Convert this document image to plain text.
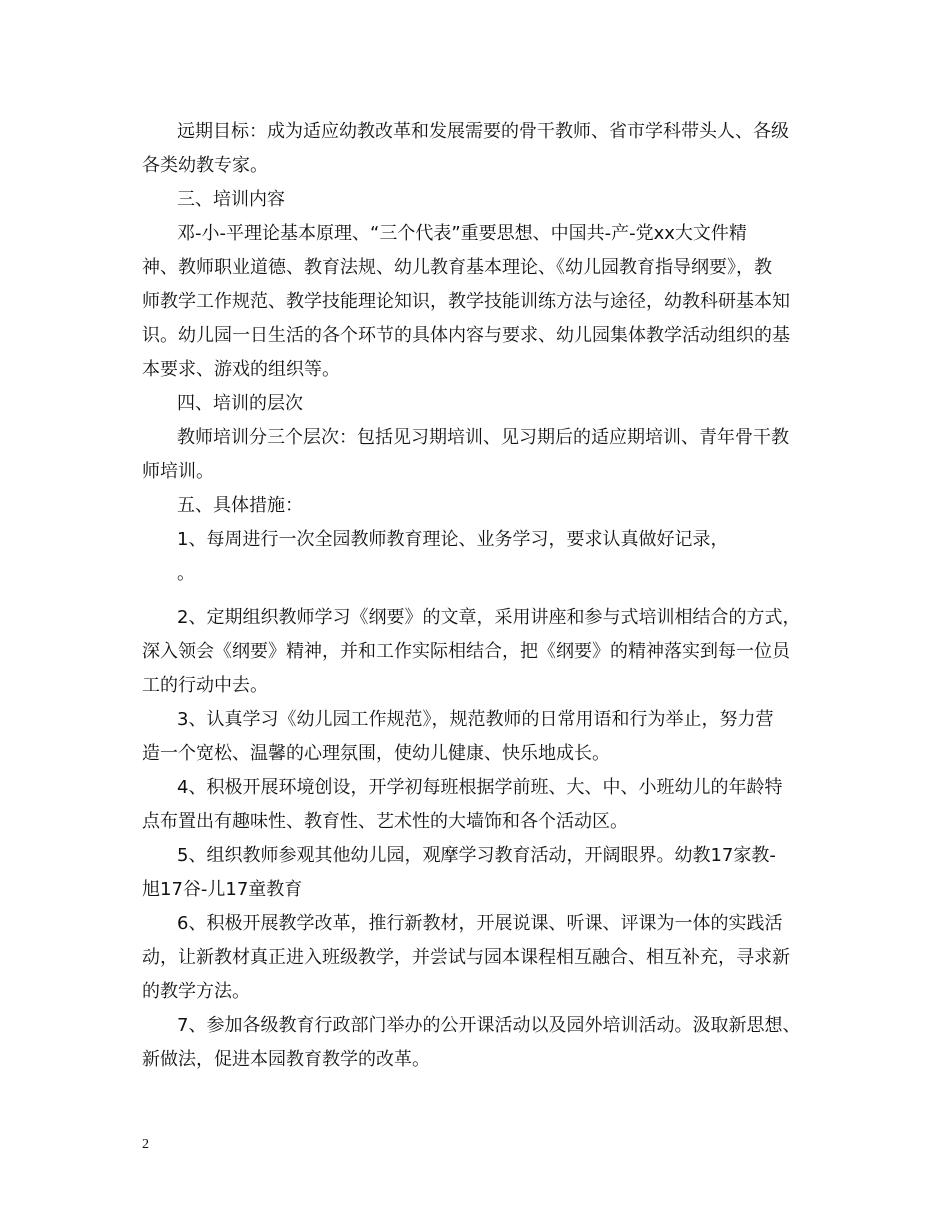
远期目标：成为适应幼教改革和发展需要的骨干教师、省市学科带头人、各级
各类幼教专家。
三、培训内容
邓-小-平理论基本原理、“三个代表”重要思想、中国共-产-党xx大文件精
神、教师职业道德、教育法规、幼儿教育基本理论、《幼儿园教育指导纲要》，教
师教学工作规范、教学技能理论知识，教学技能训练方法与途径，幼教科研基本知
识。幼儿园一日生活的各个环节的具体内容与要求、幼儿园集体教学活动组织的基
本要求、游戏的组织等。
四、培训的层次
教师培训分三个层次：包括见习期培训、见习期后的适应期培训、青年骨干教
师培训。
五、具体措施：
1、每周进行一次全园教师教育理论、业务学习，要求认真做好记录，
。
2、定期组织教师学习《纲要》的文章，采用讲座和参与式培训相结合的方式，
深入领会《纲要》精神，并和工作实际相结合，把《纲要》的精神落实到每一位员
工的行动中去。
3、认真学习《幼儿园工作规范》，规范教师的日常用语和行为举止，努力营
造一个宽松、温馨的心理氛围，使幼儿健康、快乐地成长。
4、积极开展环境创设，开学初每班根据学前班、大、中、小班幼儿的年龄特
点布置出有趣味性、教育性、艺术性的大墙饰和各个活动区。
5、组织教师参观其他幼儿园，观摩学习教育活动，开阔眼界。幼教17家教-
旭17谷-儿17童教育
6、积极开展教学改革，推行新教材，开展说课、听课、评课为一体的实践活
动，让新教材真正进入班级教学，并尝试与园本课程相互融合、相互补充，寻求新
的教学方法。
7、参加各级教育行政部门举办的公开课活动以及园外培训活动。汲取新思想、
新做法，促进本园教育教学的改革。
2
